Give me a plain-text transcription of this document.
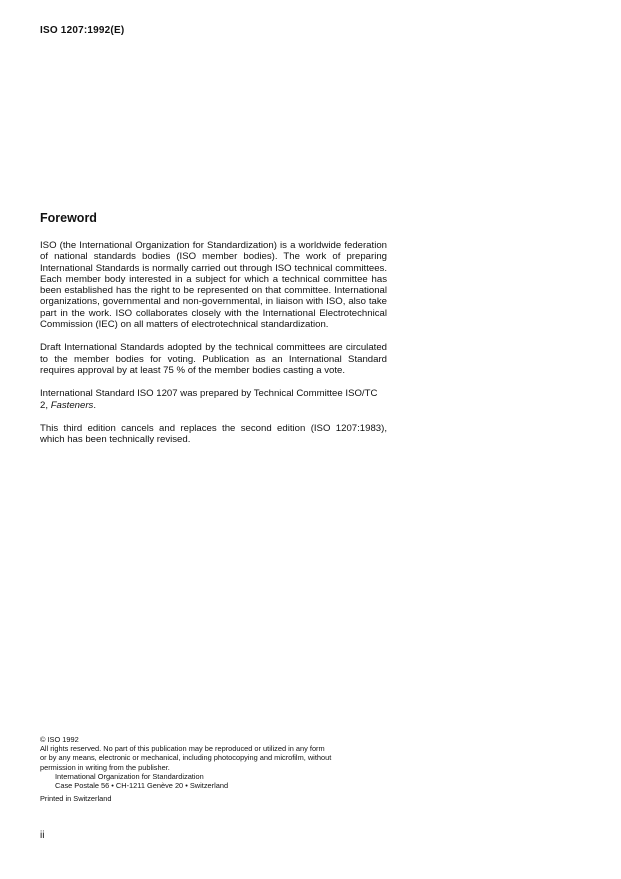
ISO 1207:1992(E)
Foreword

ISO (the International Organization for Standardization) is a worldwide federation of national standards bodies (ISO member bodies). The work of preparing International Standards is normally carried out through ISO technical committees. Each member body interested in a subject for which a technical committee has been established has the right to be represented on that committee. International organizations, governmental and non-governmental, in liaison with ISO, also take part in the work. ISO collaborates closely with the International Electrotechnical Commission (IEC) on all matters of electrotechnical standardization.

Draft International Standards adopted by the technical committees are circulated to the member bodies for voting. Publication as an International Standard requires approval by at least 75 % of the member bodies casting a vote.

International Standard ISO 1207 was prepared by Technical Committee ISO/TC 2, Fasteners.

This third edition cancels and replaces the second edition (ISO 1207:1983), which has been technically revised.

© ISO 1992
All rights reserved. No part of this publication may be reproduced or utilized in any form
or by any means, electronic or mechanical, including photocopying and microfilm, without
permission in writing from the publisher.
International Organization for Standardization
Case Postale 56 • CH-1211 Genève 20 • Switzerland
Printed in Switzerland
ii
